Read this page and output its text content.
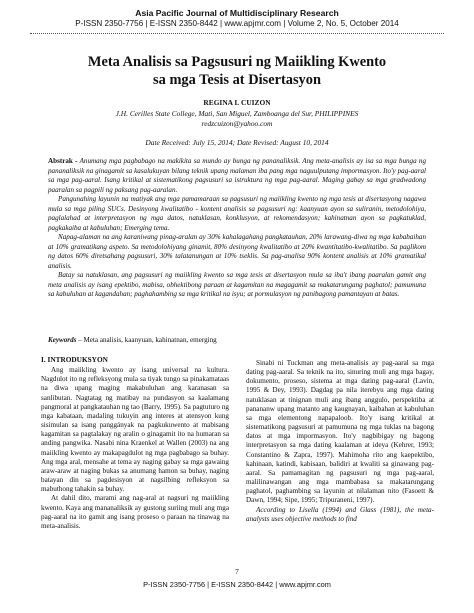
Asia Pacific Journal of Multidisciplinary Research
P-ISSN 2350-7756 | E-ISSN 2350-8442 | www.apjmr.com | Volume 2, No. 5, October 2014
Meta Analisis sa Pagsusuri ng Maiikling Kwento
sa mga Tesis at Disertasyon
REGINA I. CUIZON
J.H. Cerilles State College, Mati, San Miguel, Zamboanga del Sur, PHILIPPINES
redzcuizon@yahoo.com
Date Received: July 15, 2014; Date Revised: August 10, 2014

Abstrak - Anumang mga pagbabago na makikita sa mundo ay bunga ng pananaliksik. Ang meta-analisis ay isa sa mga bunga ng pananaliksik na ginagamit sa kasalukuyan bilang teknik upang malaman iba pang mga naguulputang impormasyon. Ito'y pag-aaral sa mga pag-aaral. Isang kritikal at sistematikong pagsusuri sa istruktura ng mga pag-aaral. Maging gabay sa mga gradwadong paaralan sa pagpili ng paksang pag-aaralan.

Pangunahing layunin na matiyak ang mga pamamaraan sa pagsusuri ng maiikling kwento ng mga tesis at disertasyong nagawa mula sa mga piling SUCs. Desinyong kwalitatibo - kontent analisis sa pagsusuri ng: kaanyuan ayon sa suliranin, metodolohiya, paglalahad at interpretasyon ng mga datos, natuklasan, konklusyon, at rekomendasyon; kahinatnan ayon sa pagkatuklad, pagkakaiba at kabuluhan; Emerging tema.

Napag-alaman na ang karaniwang pinag-aralan ay 30% kahalagahang pangkatauhan, 20% larawang-diwa ng mga kababaihan at 10% gramatikang aspeto. Sa metodolohiyang ginamit, 80% desinyong kwalitatibo at 20% kwantitatibo-kwalitatibo. Sa paglikom ng datos 60% diretsahang pagsusuri, 30% talatanungan at 10% tseklis. Sa pag-analisa 90% kontent analisis at 10% gramatikal analisis.

Batay sa natuklasan, ang pagsusuri ng maiikling kwento sa mga tesis at disertasyon mula sa iba't ibang paaralan gamit ang meta analisis ay isang epektibo, mabisa, obhektibong paraan at kagamitan na magagamit sa makatarungang paghatol; pamumuna sa kabuluhan at kagandahan; paghahambing sa mga kritikal na isyu; at pormulasyon ng panibagong pamantayan at batas.

Keywords – Meta analisis, kaanyuan, kahinatnan, emerging

I. INTRODUKSYON

Ang maiikling kwento ay isang universal na kultura. Nagdulot ito ng refleksyong mula sa tiyak tungo sa pinakamataas na diwa upang maging makabuluhan ang karanasan sa sanlibutan. Nagtatag ng matibay na pundasyon sa kaalamang pangmoral at pangkatauhan ng tao (Barry, 1995). Sa pagtuturo ng mga kabataan, madaling tukuyin ang interes at atensyon kung sisimulan sa isang panggányak na pagkukuwento at mabisang kagamitan sa pagtalakay ng aralin o ginagamit ito na humaran sa anding pangwika. Nasabi nina Kraenkel at Wallen (2003) na ang maiikling kwento ay makapagdulot ng mga pagbabago sa buhay. Ang mga aral, mensahe at tema ay naging gabay sa mga gawaing araw-araw at naging bukas sa anumang hamon sa buhay, naging batayan din sa pagdesisyon at nagsilbing refleksyon sa mabuthong tahakin sa buhay.

At dahil dito, marami ang nag-aral at nagsuri ng maiikling kwento. Kaya ang mananaliksik ay gustong suriing muli ang mga pag-aaral na ito gamit ang isang proseso o paraan na tinawag na meta-analisis.

Sinabi ni Tuckman ang meta-analisis ay pag-aaral sa mga dating pag-aaral. Sa teknik na ito, sinuring muli ang mga bagay, dokumento, proseso, sistema at mga dating pag-aaral (Lavin, 1995 & Dey, 1993). Dagdag pa nila iterebyu ang mga dating natuklasan at tinignan muli ang ibang anggulo, perspektiba at panananw upang matanto ang kaugnayan, kaibahan at kabuluhan sa mga elementong napapaloob. Ito'y isang kritikal at sistematikong pagsusuri at pamumuna ng mga tuklas na bagong datos at mga impormasyon. Ito'y nagbibigay ng bagong interpretasyon sa mga dating kaalaman at ideya (Kehrer, 1993; Constantino & Zapra, 1997). Mahimoha rito ang kaepektibo, kahinaan, katindi, kabisaan, balidiri at kwaliti sa ginawang pag-aaral. Sa pamamagitan ng pagsusuri ng mga pag-aaral, malilinawangan ang mga mambabasa sa makatarungang paghatol, paghambing sa layunin at nilalaman nito (Fasoett & Dawn, 1994; Sipe, 1995; Tripuraneni, 1997).

According to Lisella (1994) and Glass (1981), the meta-analysts uses objective methods to find

7
P-ISSN 2350-7756 | E-ISSN 2350-8442 | www.apjmr.com
